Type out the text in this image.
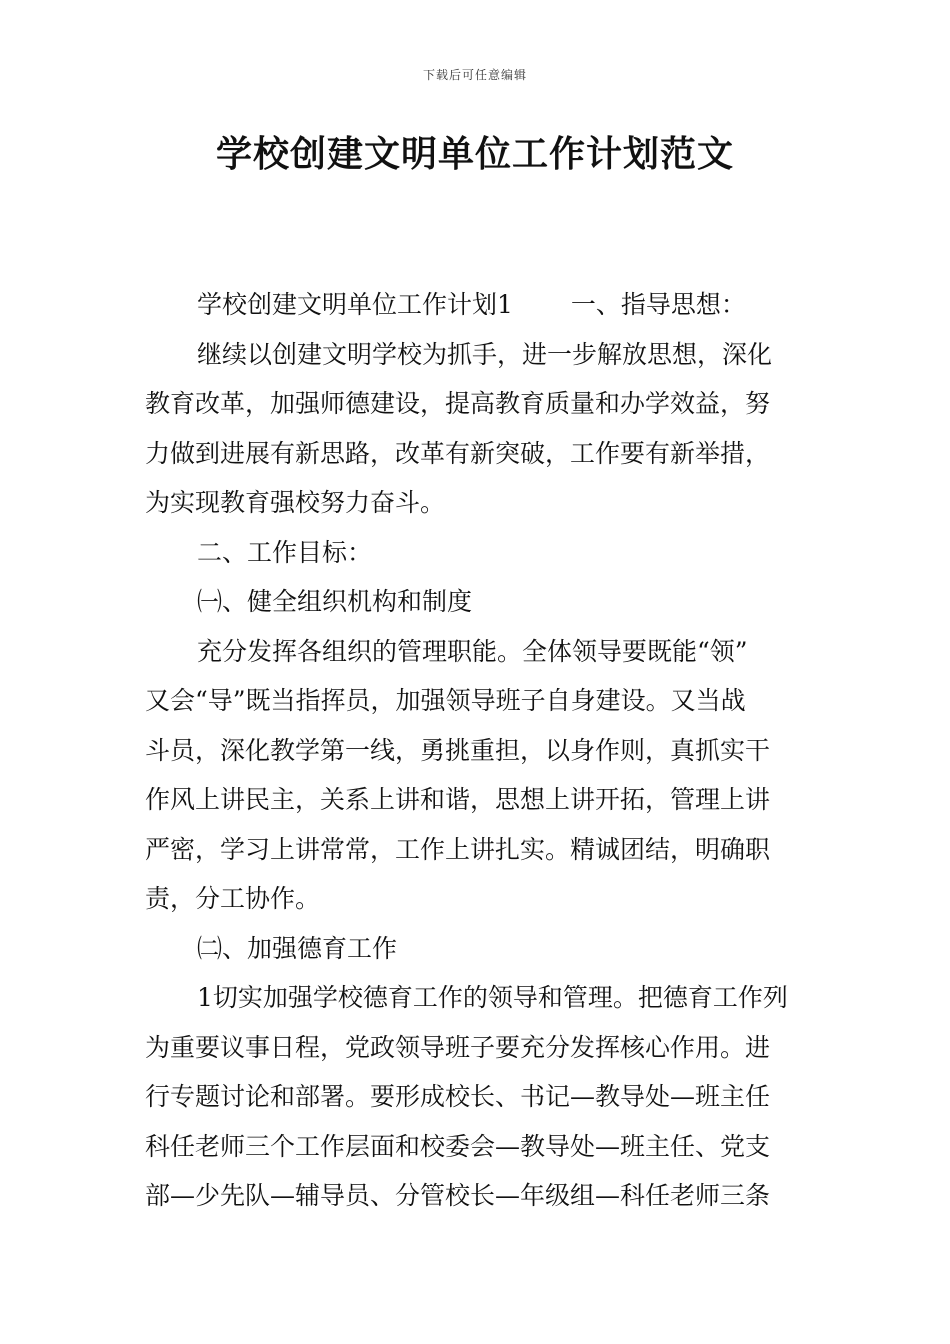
下载后可任意编辑
学校创建文明单位工作计划范文
学校创建文明单位工作计划1 一、指导思想：
继续以创建文明学校为抓手，进一步解放思想，深化
教育改革，加强师德建设，提高教育质量和办学效益，努
力做到进展有新思路，改革有新突破，工作要有新举措，
为实现教育强校努力奋斗。
二、工作目标：
㈠、健全组织机构和制度
充分发挥各组织的管理职能。全体领导要既能“领”
又会“导”既当指挥员，加强领导班子自身建设。又当战
斗员，深化教学第一线，勇挑重担，以身作则，真抓实干
作风上讲民主，关系上讲和谐，思想上讲开拓，管理上讲
严密，学习上讲常常，工作上讲扎实。精诚团结，明确职
责，分工协作。
㈡、加强德育工作
1切实加强学校德育工作的领导和管理。把德育工作列
为重要议事日程，党政领导班子要充分发挥核心作用。进
行专题讨论和部署。要形成校长、书记—教导处—班主任
科任老师三个工作层面和校委会—教导处—班主任、党支
部—少先队—辅导员、分管校长—年级组—科任老师三条
